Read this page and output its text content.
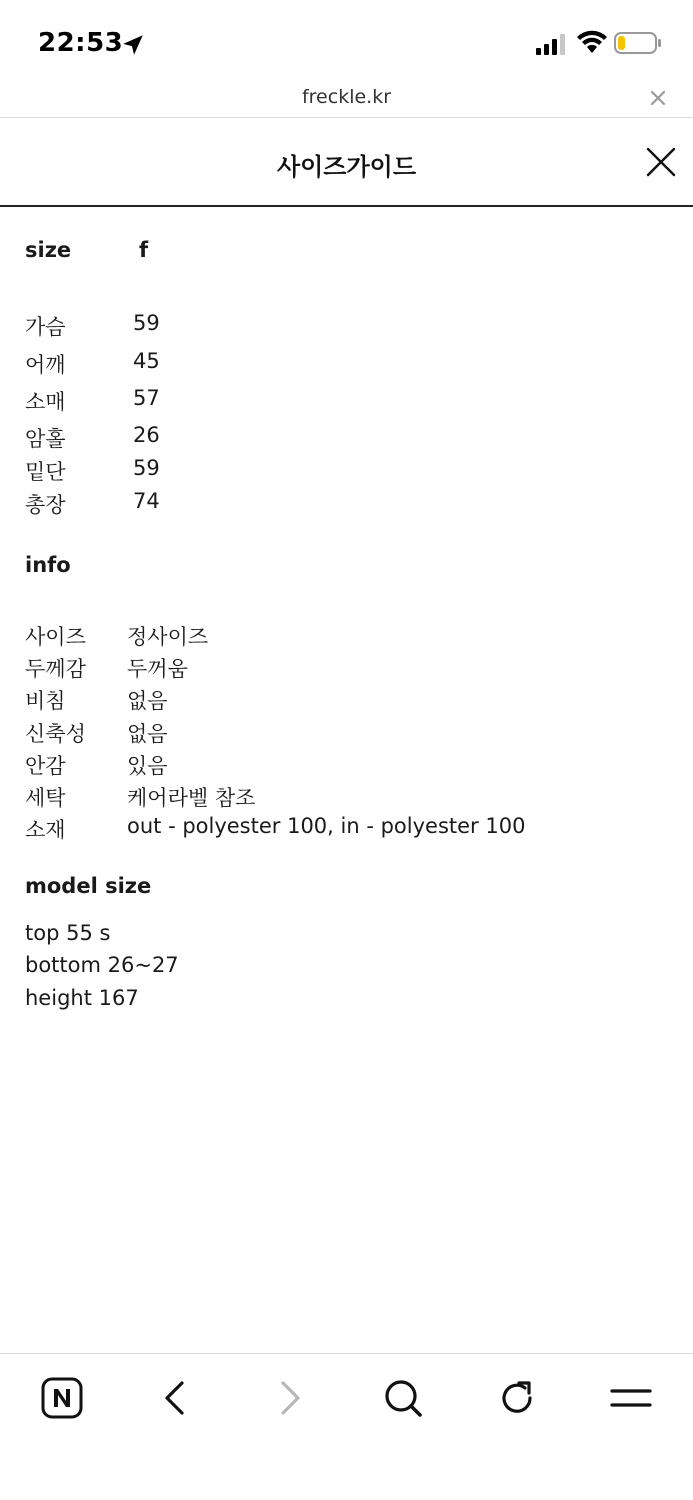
22:53
freckle.kr
사이즈가이드
size	f
가슴	59
어깨	45
소매	57
암홀	26
밑단	59
총장	74
info
사이즈 정사이즈
두께감 두꺼움
비침	없음
신축성 없음
안감	있음
세탁	케어라벨 참조
소재	out - polyester 100, in - polyester 100
model size
top 55 s
bottom 26~27
height 167
